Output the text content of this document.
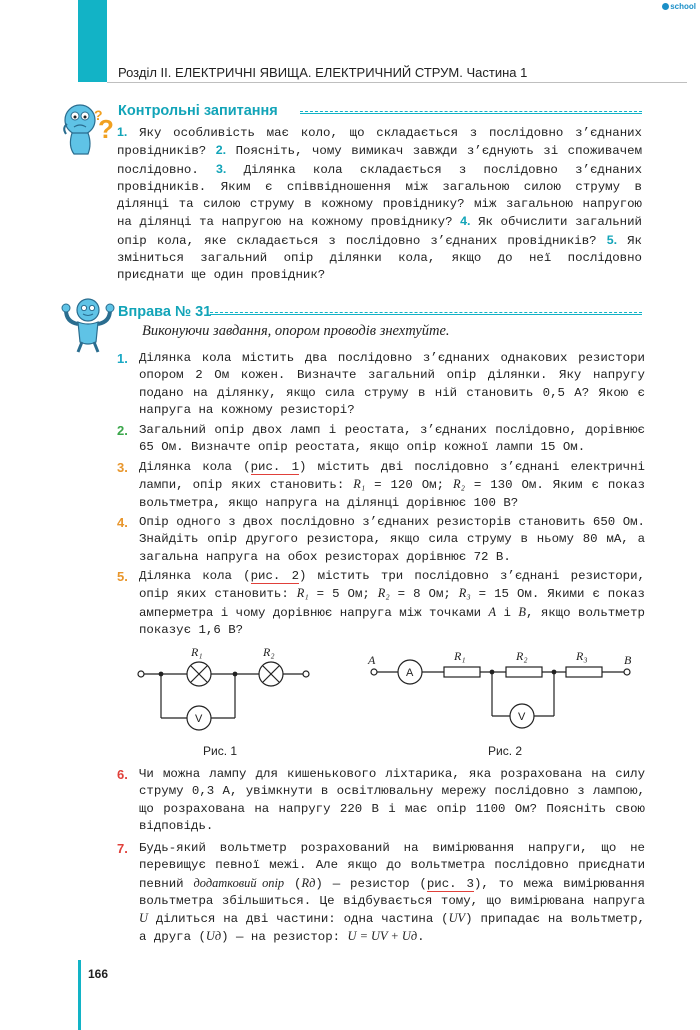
school
Розділ ІІ. ЕЛЕКТРИЧНІ ЯВИЩА. ЕЛЕКТРИЧНИЙ СТРУМ. Частина 1
?
? Контрольні запитання
1. Яку особливість має коло, що складається з послідовно з’єднаних провідників? 2. Поясніть, чому вимикач завжди з’єднують зі споживачем послідовно. 3. Ділянка кола складається з послідовно з’єднаних провідників. Яким є співвідношення між загальною силою струму в ділянці та силою струму в кожному провіднику? між загальною напругою на ділянці та напругою на кожному провіднику? 4. Як обчислити загальний опір кола, яке складається з послідовно з’єднаних провідників? 5. Як зміниться загальний опір ділянки кола, якщо до неї послідовно приєднати ще один провідник?
Вправа № 31
Виконуючи завдання, опором проводів знехтуйте.
1. Ділянка кола містить два послідовно з’єднаних однакових резистори опором 2 Ом кожен. Визначте загальний опір ділянки. Яку напругу подано на ділянку, якщо сила струму в ній становить 0,5 А? Якою є напруга на кожному резисторі?
2. Загальний опір двох ламп і реостата, з’єднаних послідовно, дорівнює 65 Ом. Визначте опір реостата, якщо опір кожної лампи 15 Ом.
3. Ділянка кола (рис. 1) містить дві послідовно з’єднані електричні лампи, опір яких становить: R₁ = 120 Ом; R₂ = 130 Ом. Яким є показ вольтметра, якщо напруга на ділянці дорівнює 100 В?
4. Опір одного з двох послідовно з’єднаних резисторів становить 650 Ом. Знайдіть опір другого резистора, якщо сила струму в ньому 80 мА, а загальна напруга на обох резисторах дорівнює 72 В.
5. Ділянка кола (рис. 2) містить три послідовно з’єднані резистори, опір яких становить: R₁ = 5 Ом; R₂ = 8 Ом; R₃ = 15 Ом. Якими є показ амперметра і чому дорівнює напруга між точками A і B, якщо вольтметр показує 1,6 В?
R₁	R₂
V
Рис. 1
A	B
A
R₁	R₂	R₃
V
Рис. 2
6. Чи можна лампу для кишенькового ліхтарика, яка розрахована на силу струму 0,3 А, увімкнути в освітлювальну мережу послідовно з лампою, що розрахована на напругу 220 В і має опір 1100 Ом? Поясніть свою відповідь.
7. Будь-який вольтметр розрахований на вимірювання напруги, що не перевищує певної межі. Але якщо до вольтметра послідовно приєднати певний додатковий опір (Rд) — резистор (рис. 3), то межа вимірювання вольтметра збільшиться. Це відбувається тому, що вимірювана напруга U ділиться на дві частини: одна частина (UV) припадає на вольтметр, а друга (Uд) — на резистор: U = UV + Uд.
166
